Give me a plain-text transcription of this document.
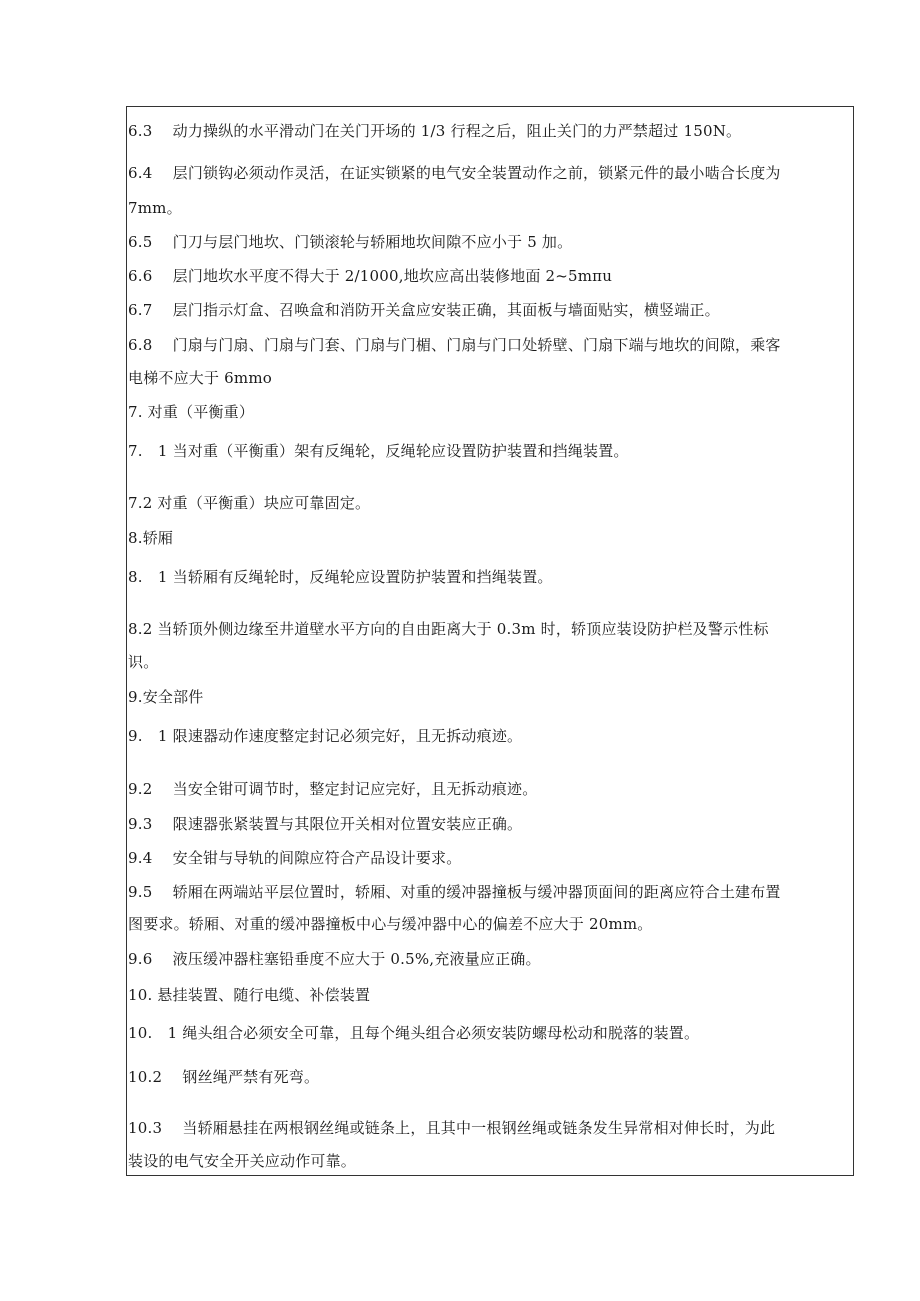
6.3　 动力操纵的水平滑动门在关门开场的 1/3 行程之后，阻止关门的力严禁超过 150N。
6.4　 层门锁钩必须动作灵活，在证实锁紧的电气安全装置动作之前，锁紧元件的最小啮合长度为
7mm。
6.5　 门刀与层门地坎、门锁滚轮与轿厢地坎间隙不应小于 5 加。
6.6　 层门地坎水平度不得大于 2/1000,地坎应高出装修地面 2~5mπu
6.7　 层门指示灯盒、召唤盒和消防开关盒应安装正确，其面板与墙面贴实，横竖端正。
6.8　 门扇与门扇、门扇与门套、门扇与门楣、门扇与门口处轿壁、门扇下端与地坎的间隙，乘客
电梯不应大于 6mmo
7. 对重（平衡重）
7.　1 当对重（平衡重）架有反绳轮，反绳轮应设置防护装置和挡绳装置。
7.2 对重（平衡重）块应可靠固定。
8.轿厢
8.　1 当轿厢有反绳轮时，反绳轮应设置防护装置和挡绳装置。
8.2 当轿顶外侧边缘至井道壁水平方向的自由距离大于 0.3m 时，轿顶应装设防护栏及警示性标
识。
9.安全部件
9.　1 限速器动作速度整定封记必须完好，且无拆动痕迹。
9.2　 当安全钳可调节时，整定封记应完好，且无拆动痕迹。
9.3　 限速器张紧装置与其限位开关相对位置安装应正确。
9.4　 安全钳与导轨的间隙应符合产品设计要求。
9.5　 轿厢在两端站平层位置时，轿厢、对重的缓冲器撞板与缓冲器顶面间的距离应符合土建布置
图要求。轿厢、对重的缓冲器撞板中心与缓冲器中心的偏差不应大于 20mm。
9.6　 液压缓冲器柱塞铅垂度不应大于 0.5%,充液量应正确。
10. 悬挂装置、随行电缆、补偿装置
10.　1 绳头组合必须安全可靠，且每个绳头组合必须安装防螺母松动和脱落的装置。
10.2　 钢丝绳严禁有死弯。
10.3　 当轿厢悬挂在两根钢丝绳或链条上，且其中一根钢丝绳或链条发生异常相对伸长时，为此
装设的电气安全开关应动作可靠。
